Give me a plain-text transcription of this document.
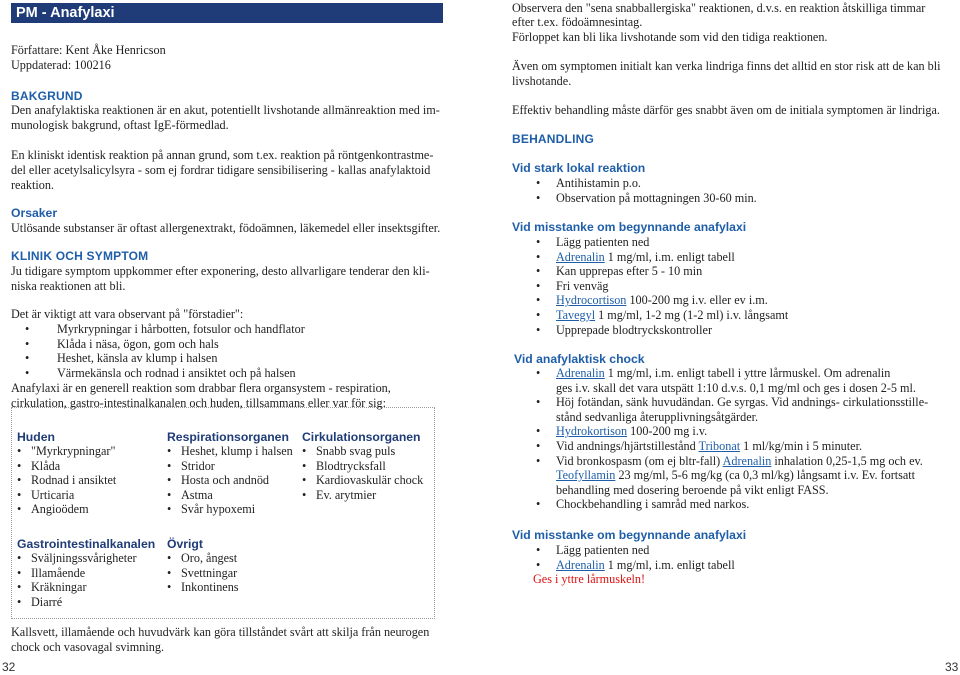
PM - Anafylaxi
Författare: Kent Åke Henricson
Uppdaterad: 100216
BAKGRUND
Den anafylaktiska reaktionen är en akut, potentiellt livshotande allmänreaktion med im-
munologisk bakgrund, oftast IgE-förmedlad.
En kliniskt identisk reaktion på annan grund, som t.ex. reaktion på röntgenkontrastme-
del eller acetylsalicylsyra - som ej fordrar tidigare sensibilisering - kallas anafylaktoid
reaktion.
Orsaker
Utlösande substanser är oftast allergenextrakt, födoämnen, läkemedel eller insektsgifter.
KLINIK OCH SYMPTOM
Ju tidigare symptom uppkommer efter exponering, desto allvarligare tenderar den kli-
niska reaktionen att bli.
Det är viktigt att vara observant på "förstadier":
• Myrkrypningar i hårbotten, fotsulor och handflator
• Klåda i näsa, ögon, gom och hals
• Heshet, känsla av klump i halsen
• Värmekänsla och rodnad i ansiktet och på halsen
Anafylaxi är en generell reaktion som drabbar flera organsystem - respiration,
cirkulation, gastro-intestinalkanalen och huden, tillsammans eller var för sig:
Huden
• "Myrkrypningar"
• Klåda
• Rodnad i ansiktet
• Urticaria
• Angioödem
Respirationsorganen
• Heshet, klump i halsen
• Stridor
• Hosta och andnöd
• Astma
• Svår hypoxemi
Cirkulationsorganen
• Snabb svag puls
• Blodtrycksfall
• Kardiovaskulär chock
• Ev. arytmier
Gastrointestinalkanalen
• Sväljningssvårigheter
• Illamående
• Kräkningar
• Diarré
Övrigt
• Oro, ångest
• Svettningar
• Inkontinens
Kallsvett, illamående och huvudvärk kan göra tillståndet svårt att skilja från neurogen
chock och vasovagal svimning.
32
Observera den "sena snabballergiska" reaktionen, d.v.s. en reaktion åtskilliga timmar
efter t.ex. födoämnesintag.
Förloppet kan bli lika livshotande som vid den tidiga reaktionen.
Även om symptomen initialt kan verka lindriga finns det alltid en stor risk att de kan bli
livshotande.
Effektiv behandling måste därför ges snabbt även om de initiala symptomen är lindriga.
BEHANDLING
Vid stark lokal reaktion
• Antihistamin p.o.
• Observation på mottagningen 30-60 min.
Vid misstanke om begynnande anafylaxi
• Lägg patienten ned
• Adrenalin 1 mg/ml, i.m. enligt tabell
• Kan upprepas efter 5 - 10 min
• Fri venväg
• Hydrocortison 100-200 mg i.v. eller ev i.m.
• Tavegyl 1 mg/ml, 1-2 mg (1-2 ml) i.v. långsamt
• Upprepade blodtryckskontroller
Vid anafylaktisk chock
• Adrenalin 1 mg/ml, i.m. enligt tabell i yttre lårmuskel. Om adrenalin
ges i.v. skall det vara utspätt 1:10 d.v.s. 0,1 mg/ml och ges i dosen 2-5 ml.
• Höj fotändan, sänk huvudändan. Ge syrgas. Vid andnings- cirkulationsstille-
stånd sedvanliga återupplivningsåtgärder.
• Hydrokortison 100-200 mg i.v.
• Vid andnings/hjärtstillestånd Tribonat 1 ml/kg/min i 5 minuter.
• Vid bronkospasm (om ej bltr-fall) Adrenalin inhalation 0,25-1,5 mg och ev.
Teofyllamin 23 mg/ml, 5-6 mg/kg (ca 0,3 ml/kg) långsamt i.v. Ev. fortsatt
behandling med dosering beroende på vikt enligt FASS.
• Chockbehandling i samråd med narkos.
Vid misstanke om begynnande anafylaxi
• Lägg patienten ned
• Adrenalin 1 mg/ml, i.m. enligt tabell
Ges i yttre lårmuskeln!
33
